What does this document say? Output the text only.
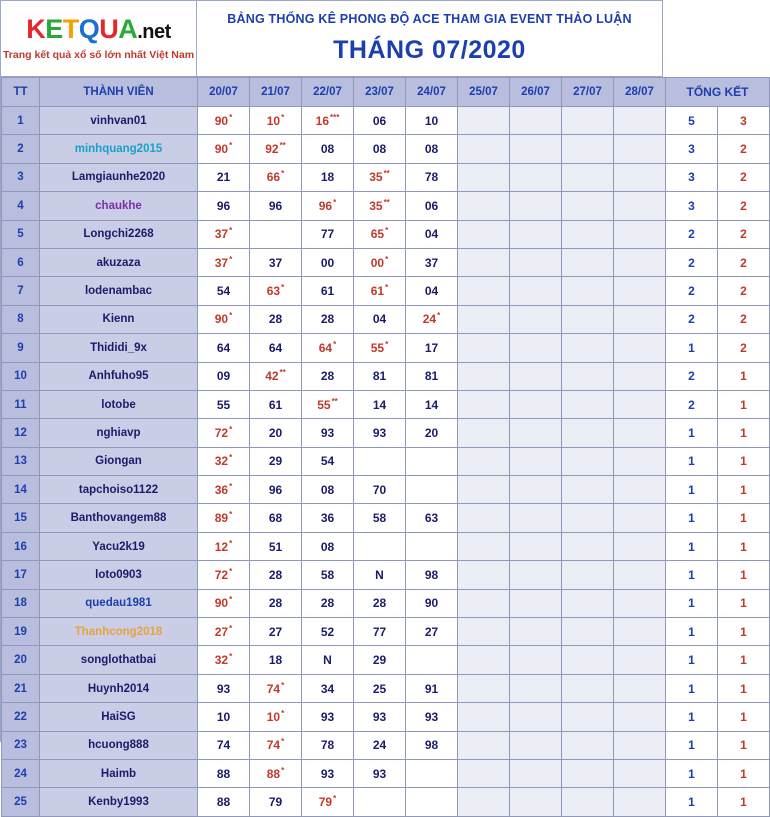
KETQUA.net
Trang kết quả xổ số lớn nhất Việt Nam
BẢNG THỐNG KÊ PHONG ĐỘ ACE THAM GIA EVENT THẢO LUẬN
THÁNG 07/2020
TT	THÀNH VIÊN	20/07	21/07	22/07	23/07	24/07	25/07	26/07	27/07	28/07	TỔNG KẾT	
1	vinhvan01	90*	10*	16***	06	10					5	3
2	minhquang2015	90*	92**	08	08	08					3	2
3	Lamgiaunhe2020	21	66*	18	35**	78					3	2
4	chaukhe	96	96	96*	35**	06					3	2
5	Longchi2268	37*		77	65*	04					2	2
6	akuzaza	37*	37	00	00*	37					2	2
7	lodenambac	54	63*	61	61*	04					2	2
8	Kienn	90*	28	28	04	24*					2	2
9	Thididi_9x	64	64	64*	55*	17					1	2
10	Anhfuho95	09	42**	28	81	81					2	1
11	lotobe	55	61	55**	14	14					2	1
12	nghiavp	72*	20	93	93	20					1	1
13	Giongan	32*	29	54							1	1
14	tapchoiso1122	36*	96	08	70						1	1
15	Banthovangem88	89*	68	36	58	63					1	1
16	Yacu2k19	12*	51	08							1	1
17	loto0903	72*	28	58	N	98					1	1
18	quedau1981	90*	28	28	28	90					1	1
19	Thanhcong2018	27*	27	52	77	27					1	1
20	songlothatbai	32*	18	N	29						1	1
21	Huynh2014	93	74*	34	25	91					1	1
22	HaiSG	10	10*	93	93	93					1	1
23	hcuong888	74	74*	78	24	98					1	1
24	Haimb	88	88*	93	93						1	1
25	Kenby1993	88	79	79*							1	1
